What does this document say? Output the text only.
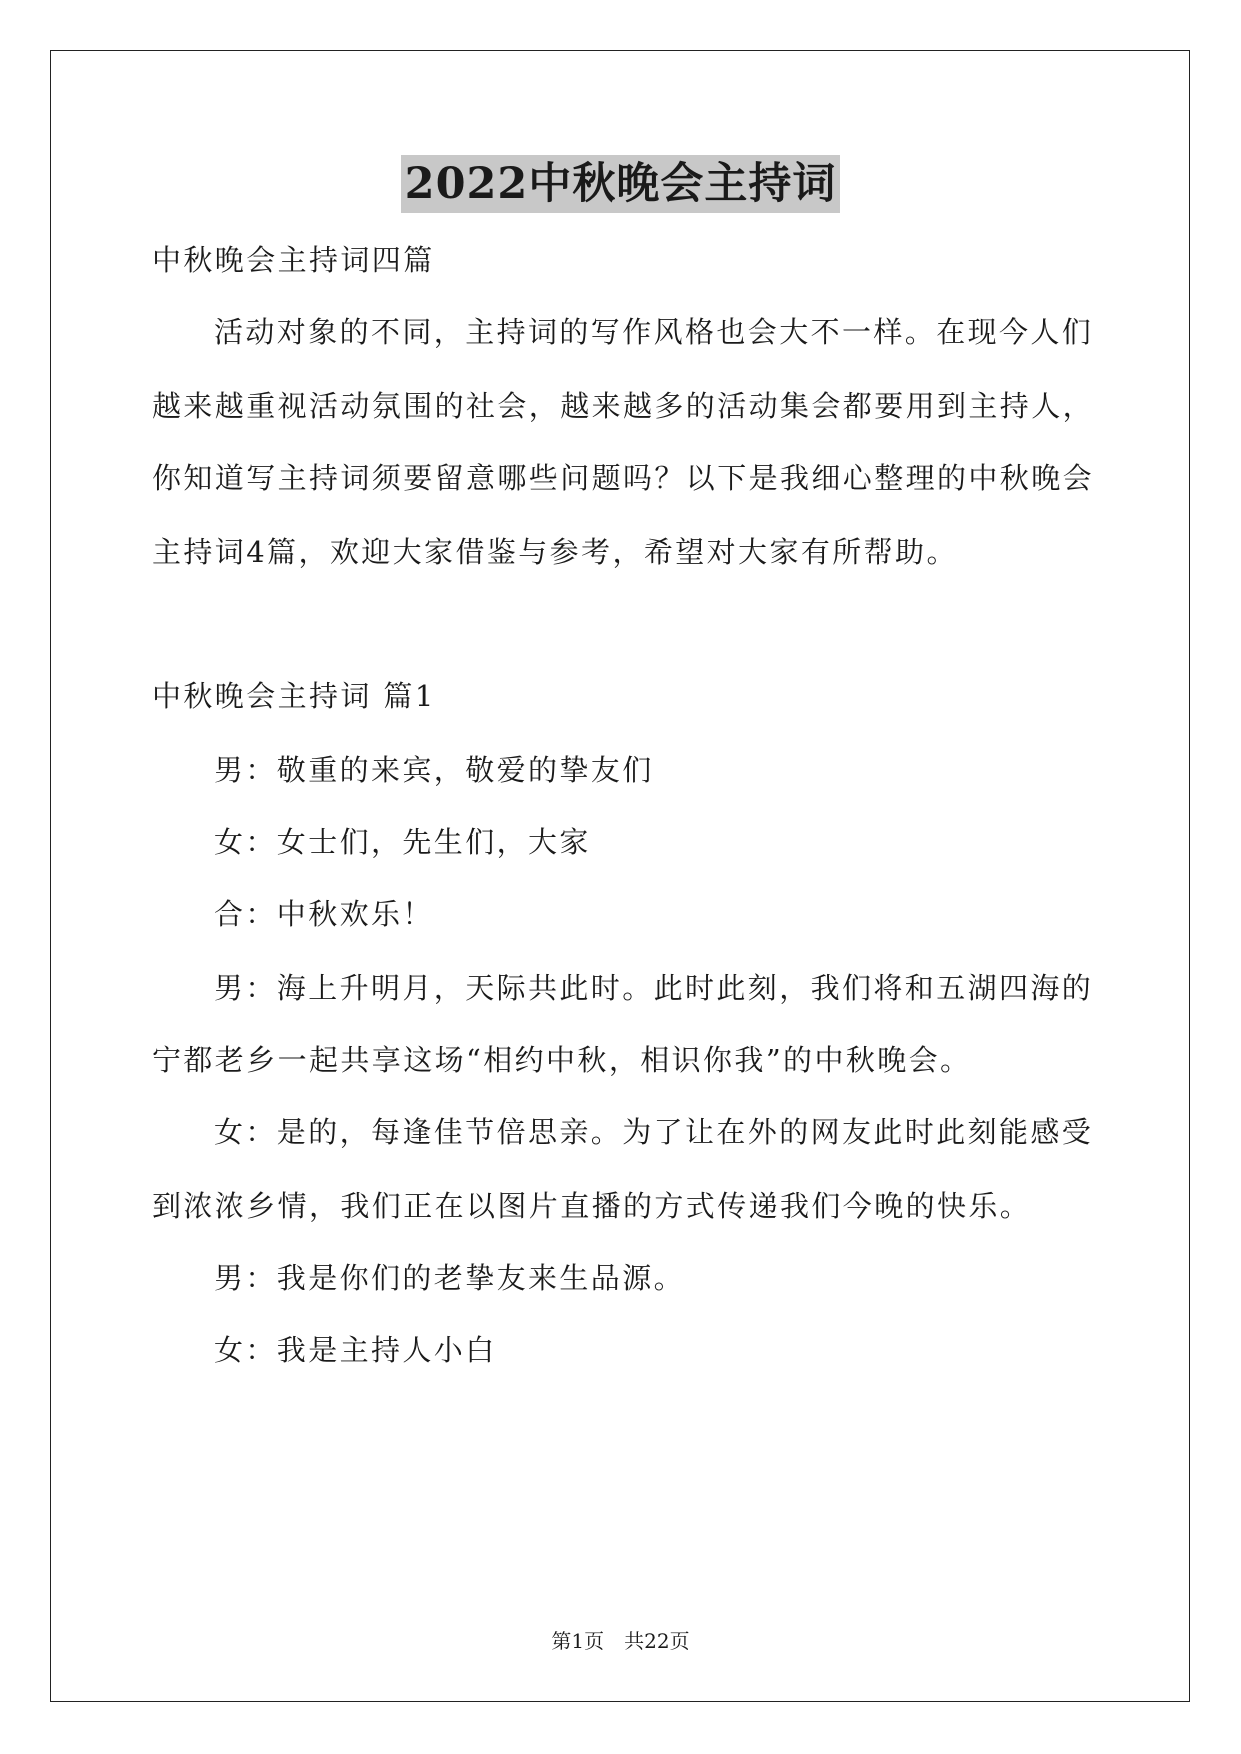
2022中秋晚会主持词
中秋晚会主持词四篇
活动对象的不同，主持词的写作风格也会大不一样。在现今人们
越来越重视活动氛围的社会，越来越多的活动集会都要用到主持人，
你知道写主持词须要留意哪些问题吗？以下是我细心整理的中秋晚会
主持词4篇，欢迎大家借鉴与参考，希望对大家有所帮助。
中秋晚会主持词 篇1
男：敬重的来宾，敬爱的挚友们
女：女士们，先生们，大家
合：中秋欢乐！
男：海上升明月，天际共此时。此时此刻，我们将和五湖四海的
宁都老乡一起共享这场“相约中秋，相识你我”的中秋晚会。
女：是的，每逢佳节倍思亲。为了让在外的网友此时此刻能感受
到浓浓乡情，我们正在以图片直播的方式传递我们今晚的快乐。
男：我是你们的老挚友来生品源。
女：我是主持人小白
第1页　共22页
